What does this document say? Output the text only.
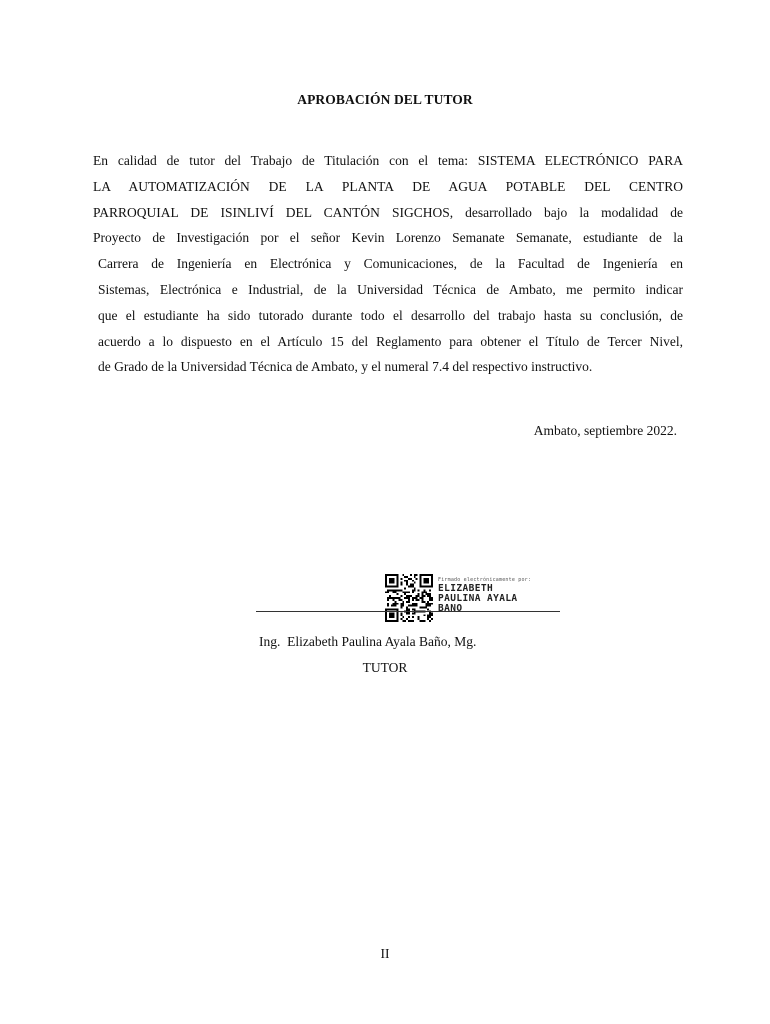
APROBACIÓN DEL TUTOR
En calidad de tutor del Trabajo de Titulación con el tema: SISTEMA ELECTRÓNICO PARA
LA AUTOMATIZACIÓN DE LA PLANTA DE AGUA POTABLE DEL CENTRO
PARROQUIAL DE ISINLIVÍ DEL CANTÓN SIGCHOS, desarrollado bajo la modalidad de
Proyecto de Investigación por el señor Kevin Lorenzo Semanate Semanate, estudiante de la
Carrera de Ingeniería en Electrónica y Comunicaciones, de la Facultad de Ingeniería en
Sistemas, Electrónica e Industrial, de la Universidad Técnica de Ambato, me permito indicar
que el estudiante ha sido tutorado durante todo el desarrollo del trabajo hasta su conclusión, de
acuerdo a lo dispuesto en el Artículo 15 del Reglamento para obtener el Título de Tercer Nivel,
de Grado de la Universidad Técnica de Ambato, y el numeral 7.4 del respectivo instructivo.
Ambato, septiembre 2022.
Firmado electrónicamente por:
ELIZABETH
PAULINA AYALA
BANO
Ing.  Elizabeth Paulina Ayala Baño, Mg.
TUTOR
II
